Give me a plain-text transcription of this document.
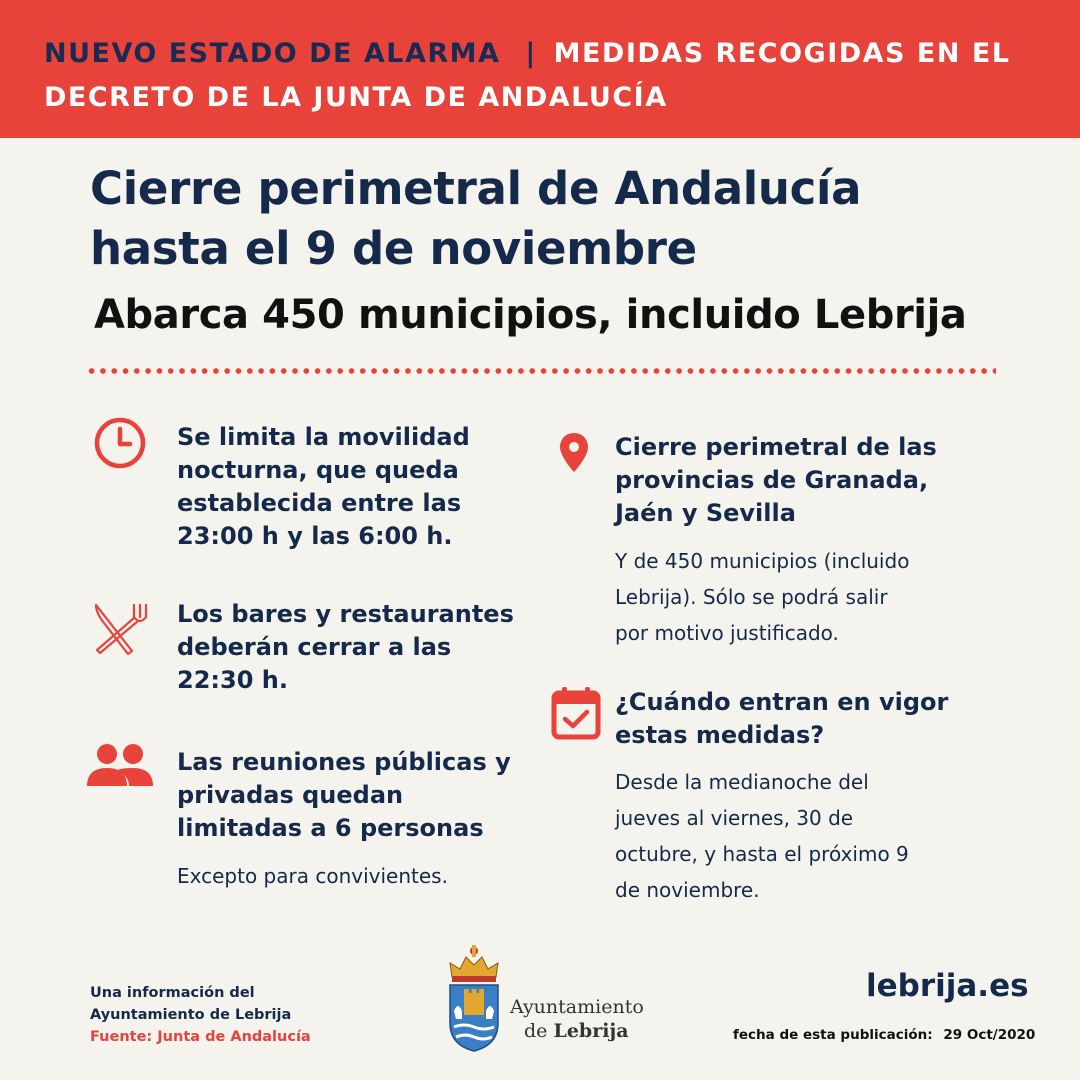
NUEVO ESTADO DE ALARMA | MEDIDAS RECOGIDAS EN EL
DECRETO DE LA JUNTA DE ANDALUCÍA
Cierre perimetral de Andalucía
hasta el 9 de noviembre
Abarca 450 municipios, incluido Lebrija
Se limita la movilidad
nocturna, que queda
establecida entre las
23:00 h y las 6:00 h.
Los bares y restaurantes
deberán cerrar a las
22:30 h.
Las reuniones públicas y
privadas quedan
limitadas a 6 personas
Excepto para convivientes.
Cierre perimetral de las
provincias de Granada,
Jaén y Sevilla
Y de 450 municipios (incluido
Lebrija). Sólo se podrá salir
por motivo justificado.
¿Cuándo entran en vigor
estas medidas?
Desde la medianoche del
jueves al viernes, 30 de
octubre, y hasta el próximo 9
de noviembre.
Una información del
Ayuntamiento de Lebrija
Fuente: Junta de Andalucía
Ayuntamiento
de Lebrija
lebrija.es
fecha de esta publicación: 29 Oct/2020
